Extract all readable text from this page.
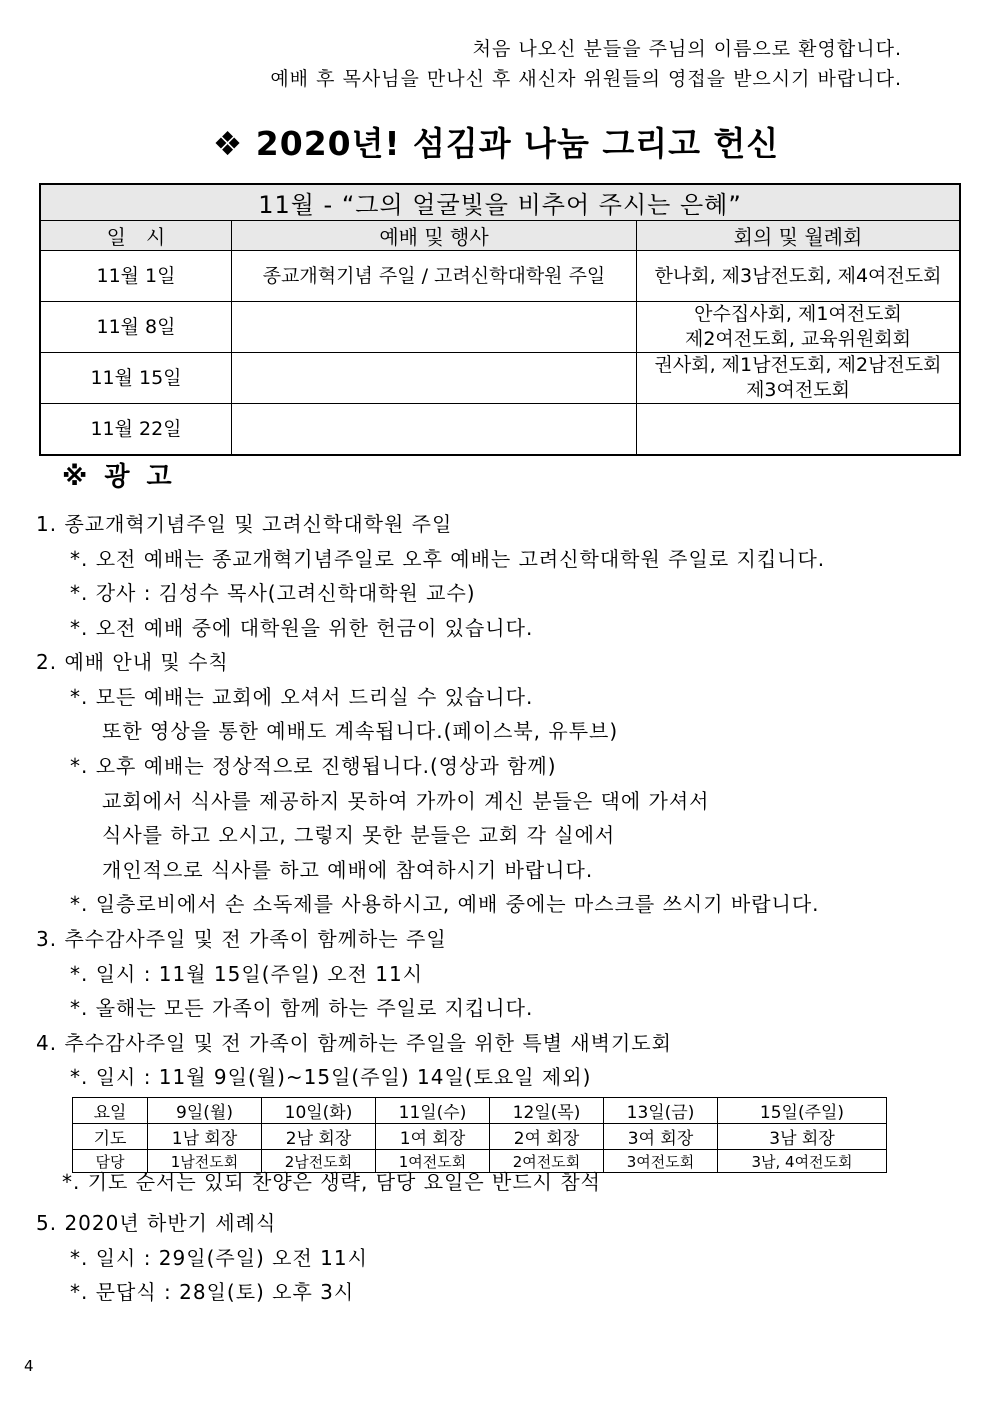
처음 나오신 분들을 주님의 이름으로 환영합니다.
예배 후 목사님을 만나신 후 새신자 위원들의 영접을 받으시기 바랍니다.
❖ 2020년! 섬김과 나눔 그리고 헌신
11월 - “그의 얼굴빛을 비추어 주시는 은혜”		
일　시	예배 및 행사	회의 및 월례회
11월 1일	종교개혁기념 주일 / 고려신학대학원 주일	한나회, 제3남전도회, 제4여전도회

11월 8일		안수집사회, 제1여전도회
제2여전도회, 교육위원회회

11월 15일		권사회, 제1남전도회, 제2남전도회
제3여전도회

11월 22일		
※ 광 고
1. 종교개혁기념주일 및 고려신학대학원 주일
*. 오전 예배는 종교개혁기념주일로 오후 예배는 고려신학대학원 주일로 지킵니다.
*. 강사 : 김성수 목사(고려신학대학원 교수)
*. 오전 예배 중에 대학원을 위한 헌금이 있습니다.
2. 예배 안내 및 수칙
*. 모든 예배는 교회에 오셔서 드리실 수 있습니다.
또한 영상을 통한 예배도 계속됩니다.(페이스북, 유투브)
*. 오후 예배는 정상적으로 진행됩니다.(영상과 함께)
교회에서 식사를 제공하지 못하여 가까이 계신 분들은 댁에 가셔서
식사를 하고 오시고, 그렇지 못한 분들은 교회 각 실에서
개인적으로 식사를 하고 예배에 참여하시기 바랍니다.
*. 일층로비에서 손 소독제를 사용하시고, 예배 중에는 마스크를 쓰시기 바랍니다.
3. 추수감사주일 및 전 가족이 함께하는 주일
*. 일시 : 11월 15일(주일) 오전 11시
*. 올해는 모든 가족이 함께 하는 주일로 지킵니다.
4. 추수감사주일 및 전 가족이 함께하는 주일을 위한 특별 새벽기도회
*. 일시 : 11월 9일(월)~15일(주일) 14일(토요일 제외)
요일	9일(월)	10일(화)	11일(수)	12일(목)	13일(금)	15일(주일)
기도	1남 회장	2남 회장	1여 회장	2여 회장	3여 회장	3남 회장
담당	1남전도회	2남전도회	1여전도회	2여전도회	3여전도회	3남, 4여전도회
*. 기도 순서는 있되 찬양은 생략, 담당 요일은 반드시 참석
5. 2020년 하반기 세례식
*. 일시 : 29일(주일) 오전 11시
*. 문답식 : 28일(토) 오후 3시
4
